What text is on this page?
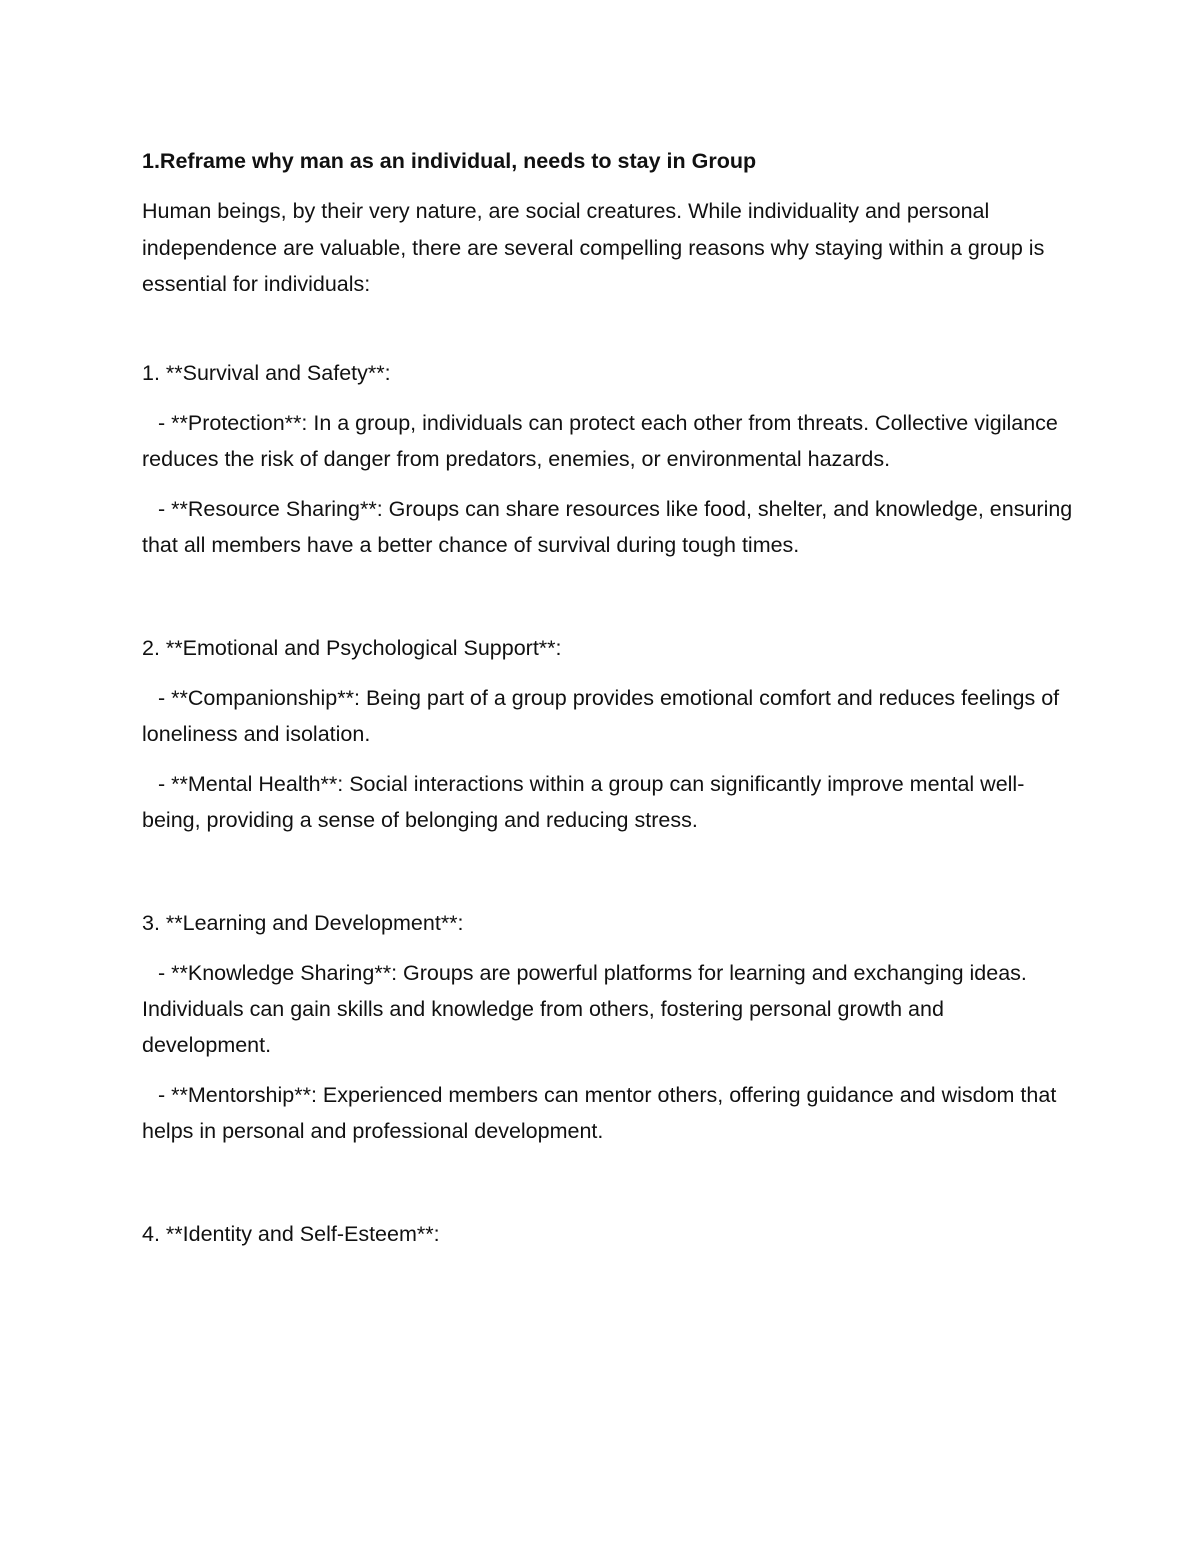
1.Reframe why man as an individual, needs to stay in Group

Human beings, by their very nature, are social creatures. While individuality and personal independence are valuable, there are several compelling reasons why staying within a group is essential for individuals:

1. **Survival and Safety**:

- **Protection**: In a group, individuals can protect each other from threats. Collective vigilance reduces the risk of danger from predators, enemies, or environmental hazards.

- **Resource Sharing**: Groups can share resources like food, shelter, and knowledge, ensuring that all members have a better chance of survival during tough times.

2. **Emotional and Psychological Support**:

- **Companionship**: Being part of a group provides emotional comfort and reduces feelings of loneliness and isolation.

- **Mental Health**: Social interactions within a group can significantly improve mental well-being, providing a sense of belonging and reducing stress.

3. **Learning and Development**:

- **Knowledge Sharing**: Groups are powerful platforms for learning and exchanging ideas. Individuals can gain skills and knowledge from others, fostering personal growth and development.

- **Mentorship**: Experienced members can mentor others, offering guidance and wisdom that helps in personal and professional development.

4. **Identity and Self-Esteem**:
